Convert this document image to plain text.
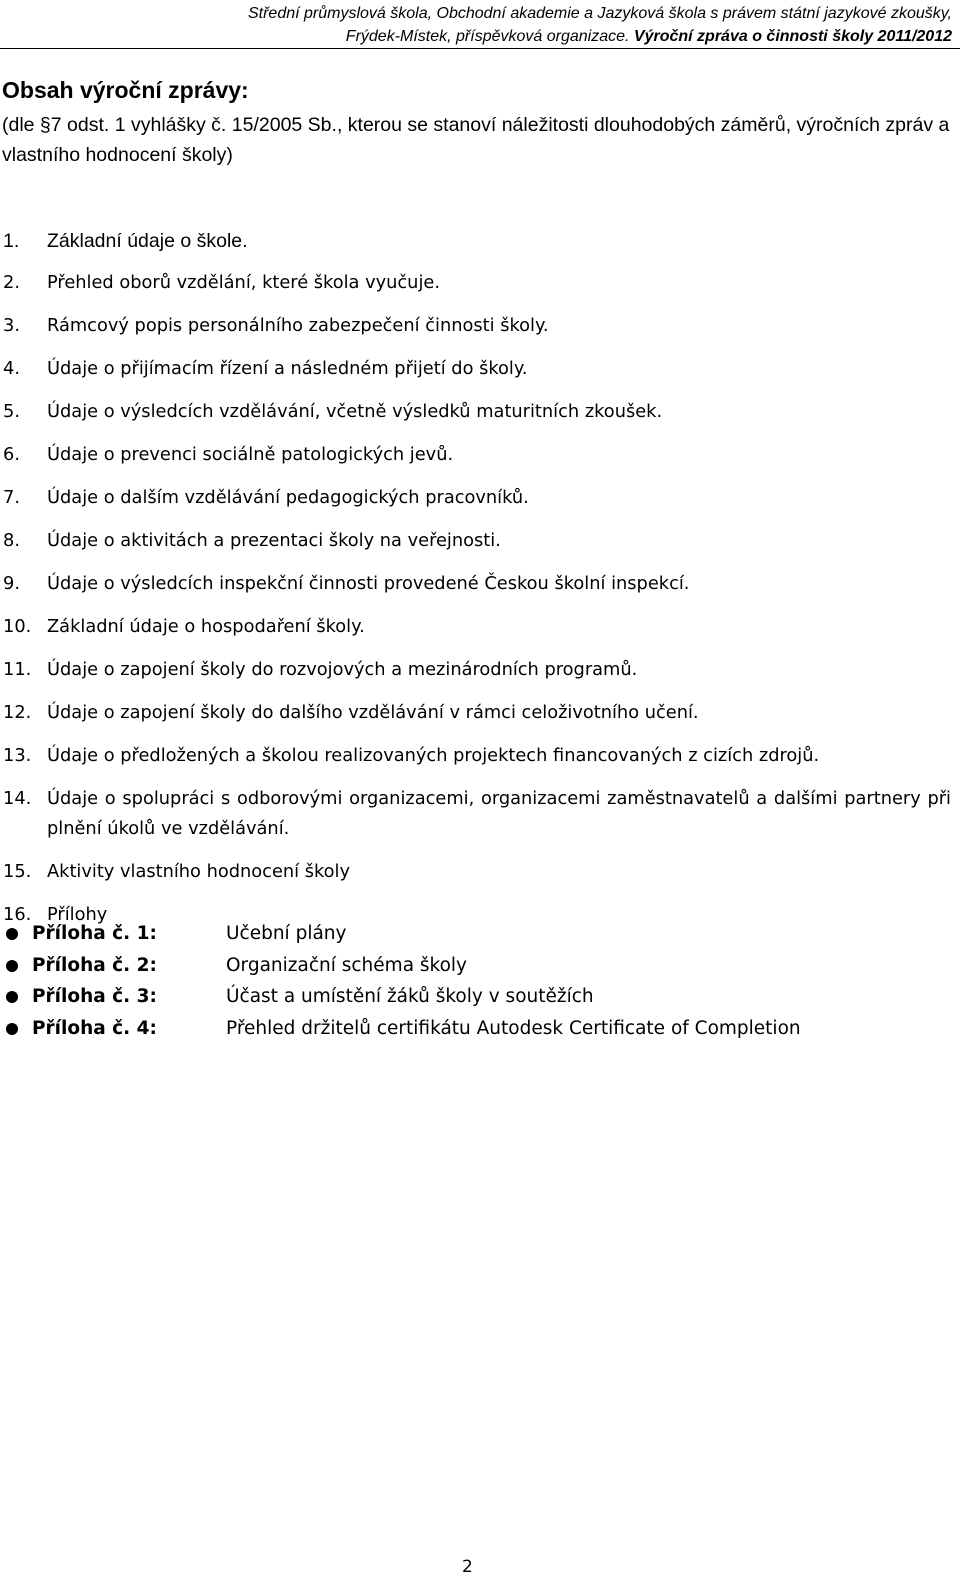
Střední průmyslová škola, Obchodní akademie a Jazyková škola s právem státní jazykové zkoušky,
Frýdek-Místek, příspěvková organizace. Výroční zpráva o činnosti školy 2011/2012
Obsah výroční zprávy:
(dle §7 odst. 1 vyhlášky č. 15/2005 Sb., kterou se stanoví náležitosti dlouhodobých záměrů, výročních zpráv a vlastního hodnocení školy)
1. Základní údaje o škole.
2. Přehled oborů vzdělání, které škola vyučuje.
3. Rámcový popis personálního zabezpečení činnosti školy.
4. Údaje o přijímacím řízení a následném přijetí do školy.
5. Údaje o výsledcích vzdělávání, včetně výsledků maturitních zkoušek.
6. Údaje o prevenci sociálně patologických jevů.
7. Údaje o dalším vzdělávání pedagogických pracovníků.
8. Údaje o aktivitách a prezentaci školy na veřejnosti.
9. Údaje o výsledcích inspekční činnosti provedené Českou školní inspekcí.
10. Základní údaje o hospodaření školy.
11. Údaje o zapojení školy do rozvojových a mezinárodních programů.
12. Údaje o zapojení školy do dalšího vzdělávání v rámci celoživotního učení.
13. Údaje o předložených a školou realizovaných projektech financovaných z cizích zdrojů.
14. Údaje o spolupráci s odborovými organizacemi, organizacemi zaměstnavatelů a dalšími partnery při plnění úkolů ve vzdělávání.
15. Aktivity vlastního hodnocení školy
16. Přílohy
Příloha č. 1:	Učební plány
Příloha č. 2:	Organizační schéma školy
Příloha č. 3:	Účast a umístění žáků školy v soutěžích
Příloha č. 4:	Přehled držitelů certifikátu Autodesk Certificate of Completion
2
